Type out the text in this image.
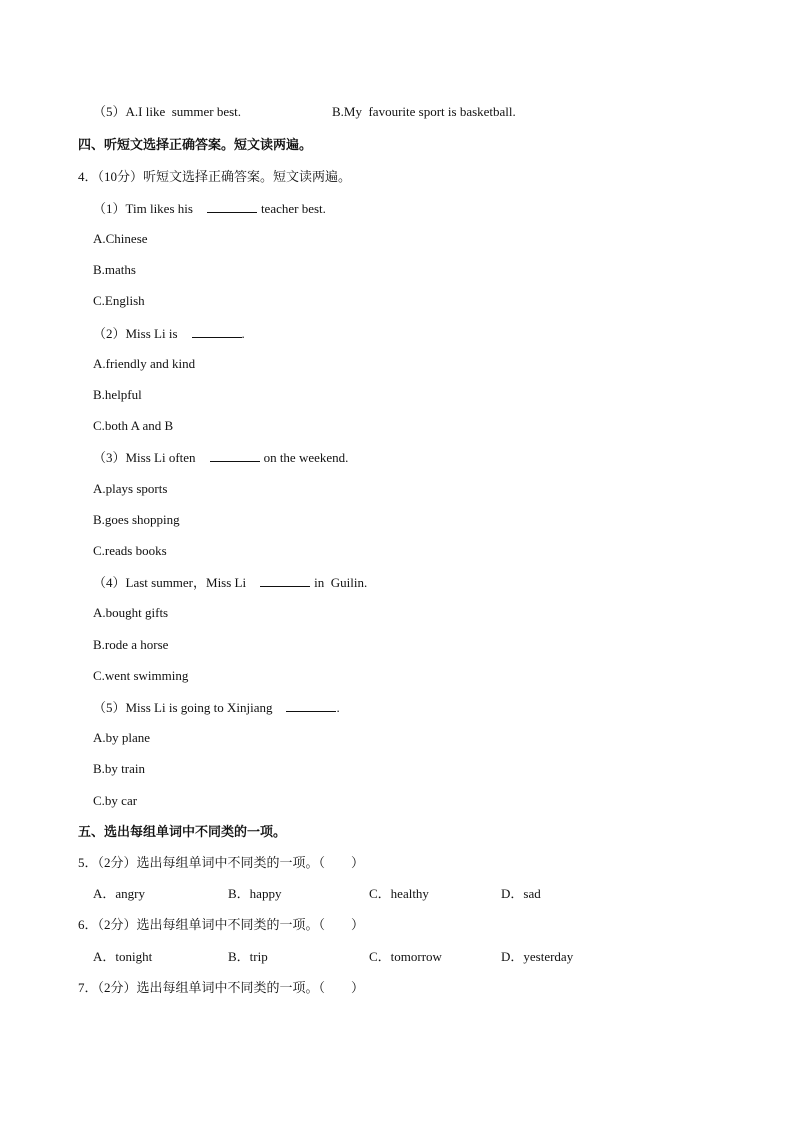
（5）A.I like  summer best.	B.My  favourite sport is basketball.
四、听短文选择正确答案。短文读两遍。
4．（10分）听短文选择正确答案。短文读两遍。
（1）Tim likes his	teacher best.
A.Chinese
B.maths
C.English
（2）Miss Li is	.
A.friendly and kind
B.helpful
C.both A and B
（3）Miss Li often	on the weekend.
A.plays sports
B.goes shopping
C.reads books
（4）Last summer，Miss Li	in  Guilin.
A.bought gifts
B.rode a horse
C.went swimming
（5）Miss Li is going to Xinjiang	.
A.by plane
B.by train
C.by car
五、选出每组单词中不同类的一项。
5．（2分）选出每组单词中不同类的一项。（　　）
A．angry	B．happy	C．healthy	D．sad
6．（2分）选出每组单词中不同类的一项。（　　）
A．tonight	B．trip	C．tomorrow	D．yesterday
7．（2分）选出每组单词中不同类的一项。（　　）
